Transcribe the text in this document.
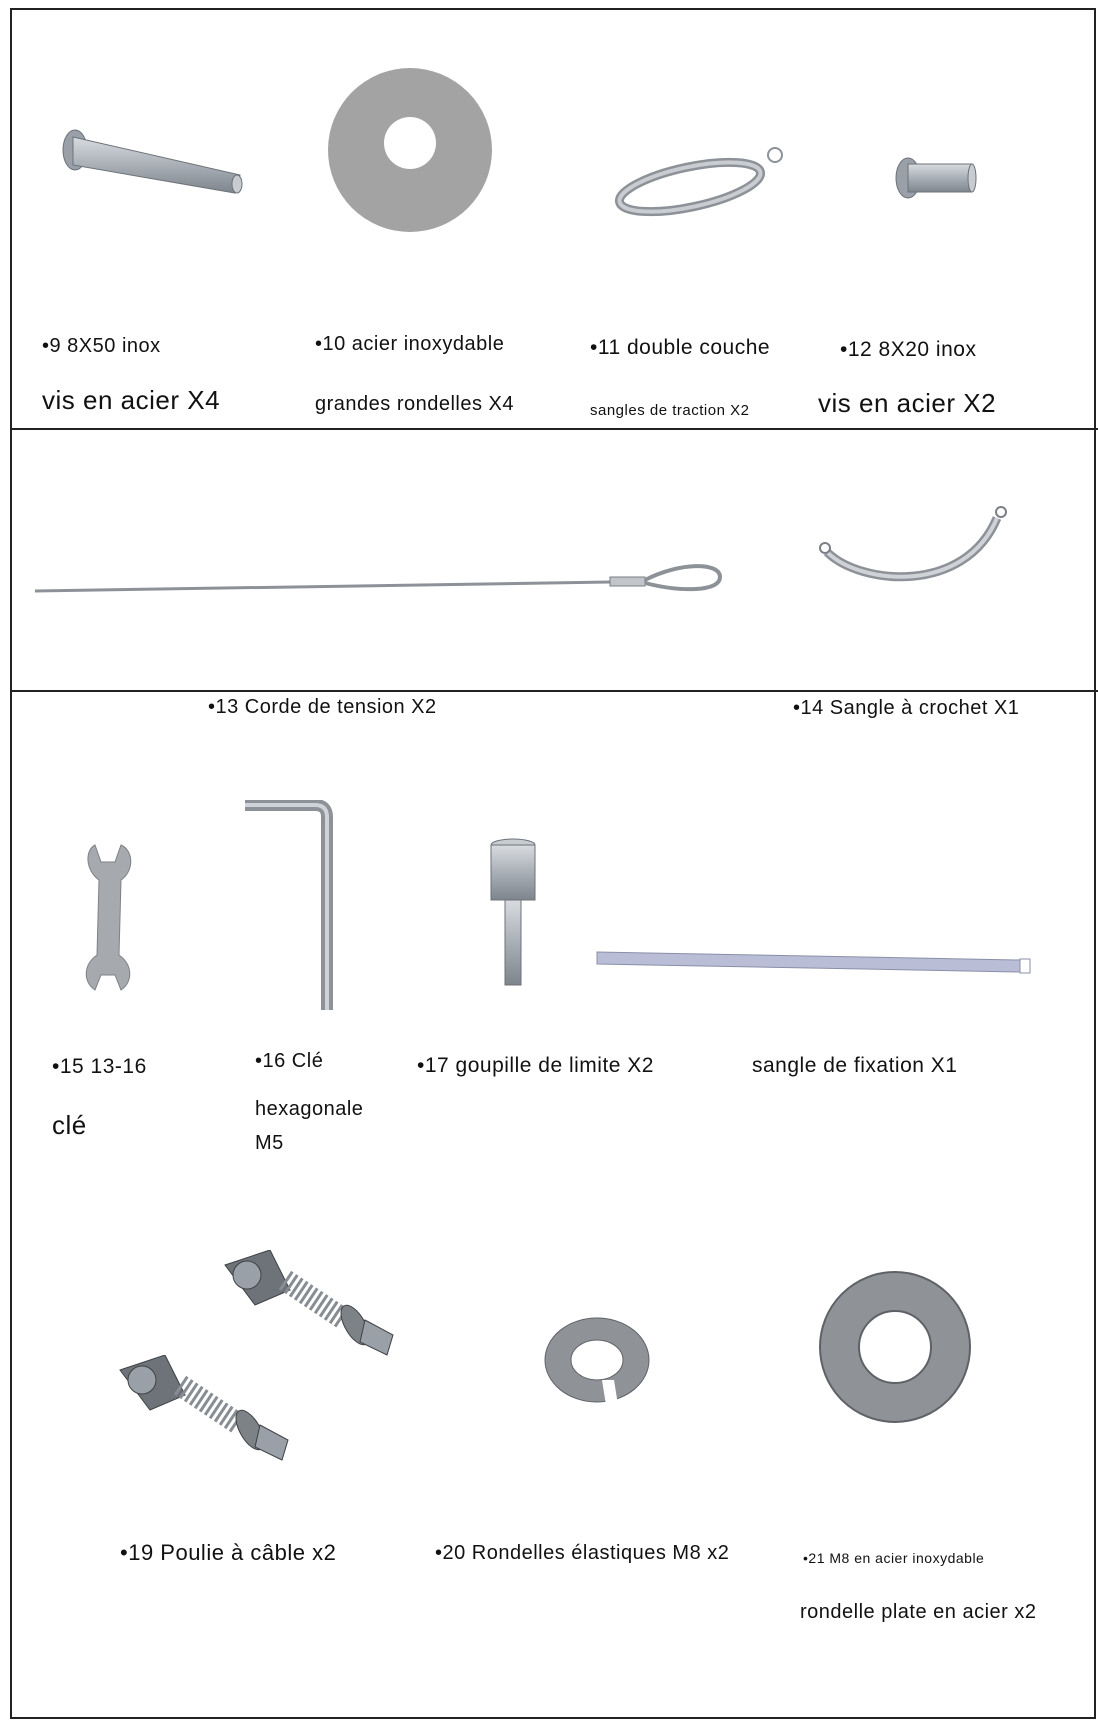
•9 8X50 inox
vis en acier X4
•10 acier inoxydable
grandes rondelles X4
•11 double couche
sangles de traction X2
•12 8X20 inox
vis en acier X2
•13 Corde de tension X2	•14 Sangle à crochet X1
•15 13-16
clé
•16 Clé
hexagonale
M5
•17 goupille de limite X2	sangle de fixation X1
•19 Poulie à câble x2	•20 Rondelles élastiques M8 x2	•21 M8 en acier inoxydable
rondelle plate en acier x2
